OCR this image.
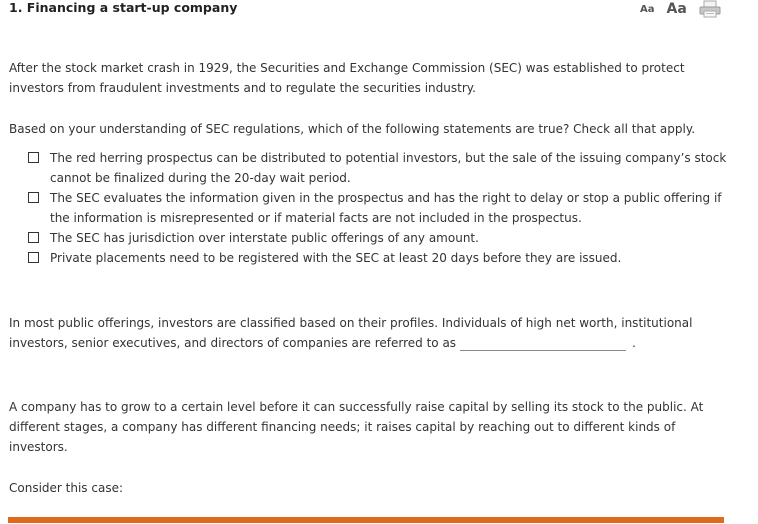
1. Financing a start-up company	Aa Aa

After the stock market crash in 1929, the Securities and Exchange Commission (SEC) was established to protect investors from fraudulent investments and to regulate the securities industry.

Based on your understanding of SEC regulations, which of the following statements are true? Check all that apply.

The red herring prospectus can be distributed to potential investors, but the sale of the issuing company’s stock cannot be finalized during the 20-day wait period.
The SEC evaluates the information given in the prospectus and has the right to delay or stop a public offering if the information is misrepresented or if material facts are not included in the prospectus.
The SEC has jurisdiction over interstate public offerings of any amount.
Private placements need to be registered with the SEC at least 20 days before they are issued.

In most public offerings, investors are classified based on their profiles. Individuals of high net worth, institutional investors, senior executives, and directors of companies are referred to as	.

A company has to grow to a certain level before it can successfully raise capital by selling its stock to the public. At different stages, a company has different financing needs; it raises capital by reaching out to different kinds of investors.

Consider this case:
